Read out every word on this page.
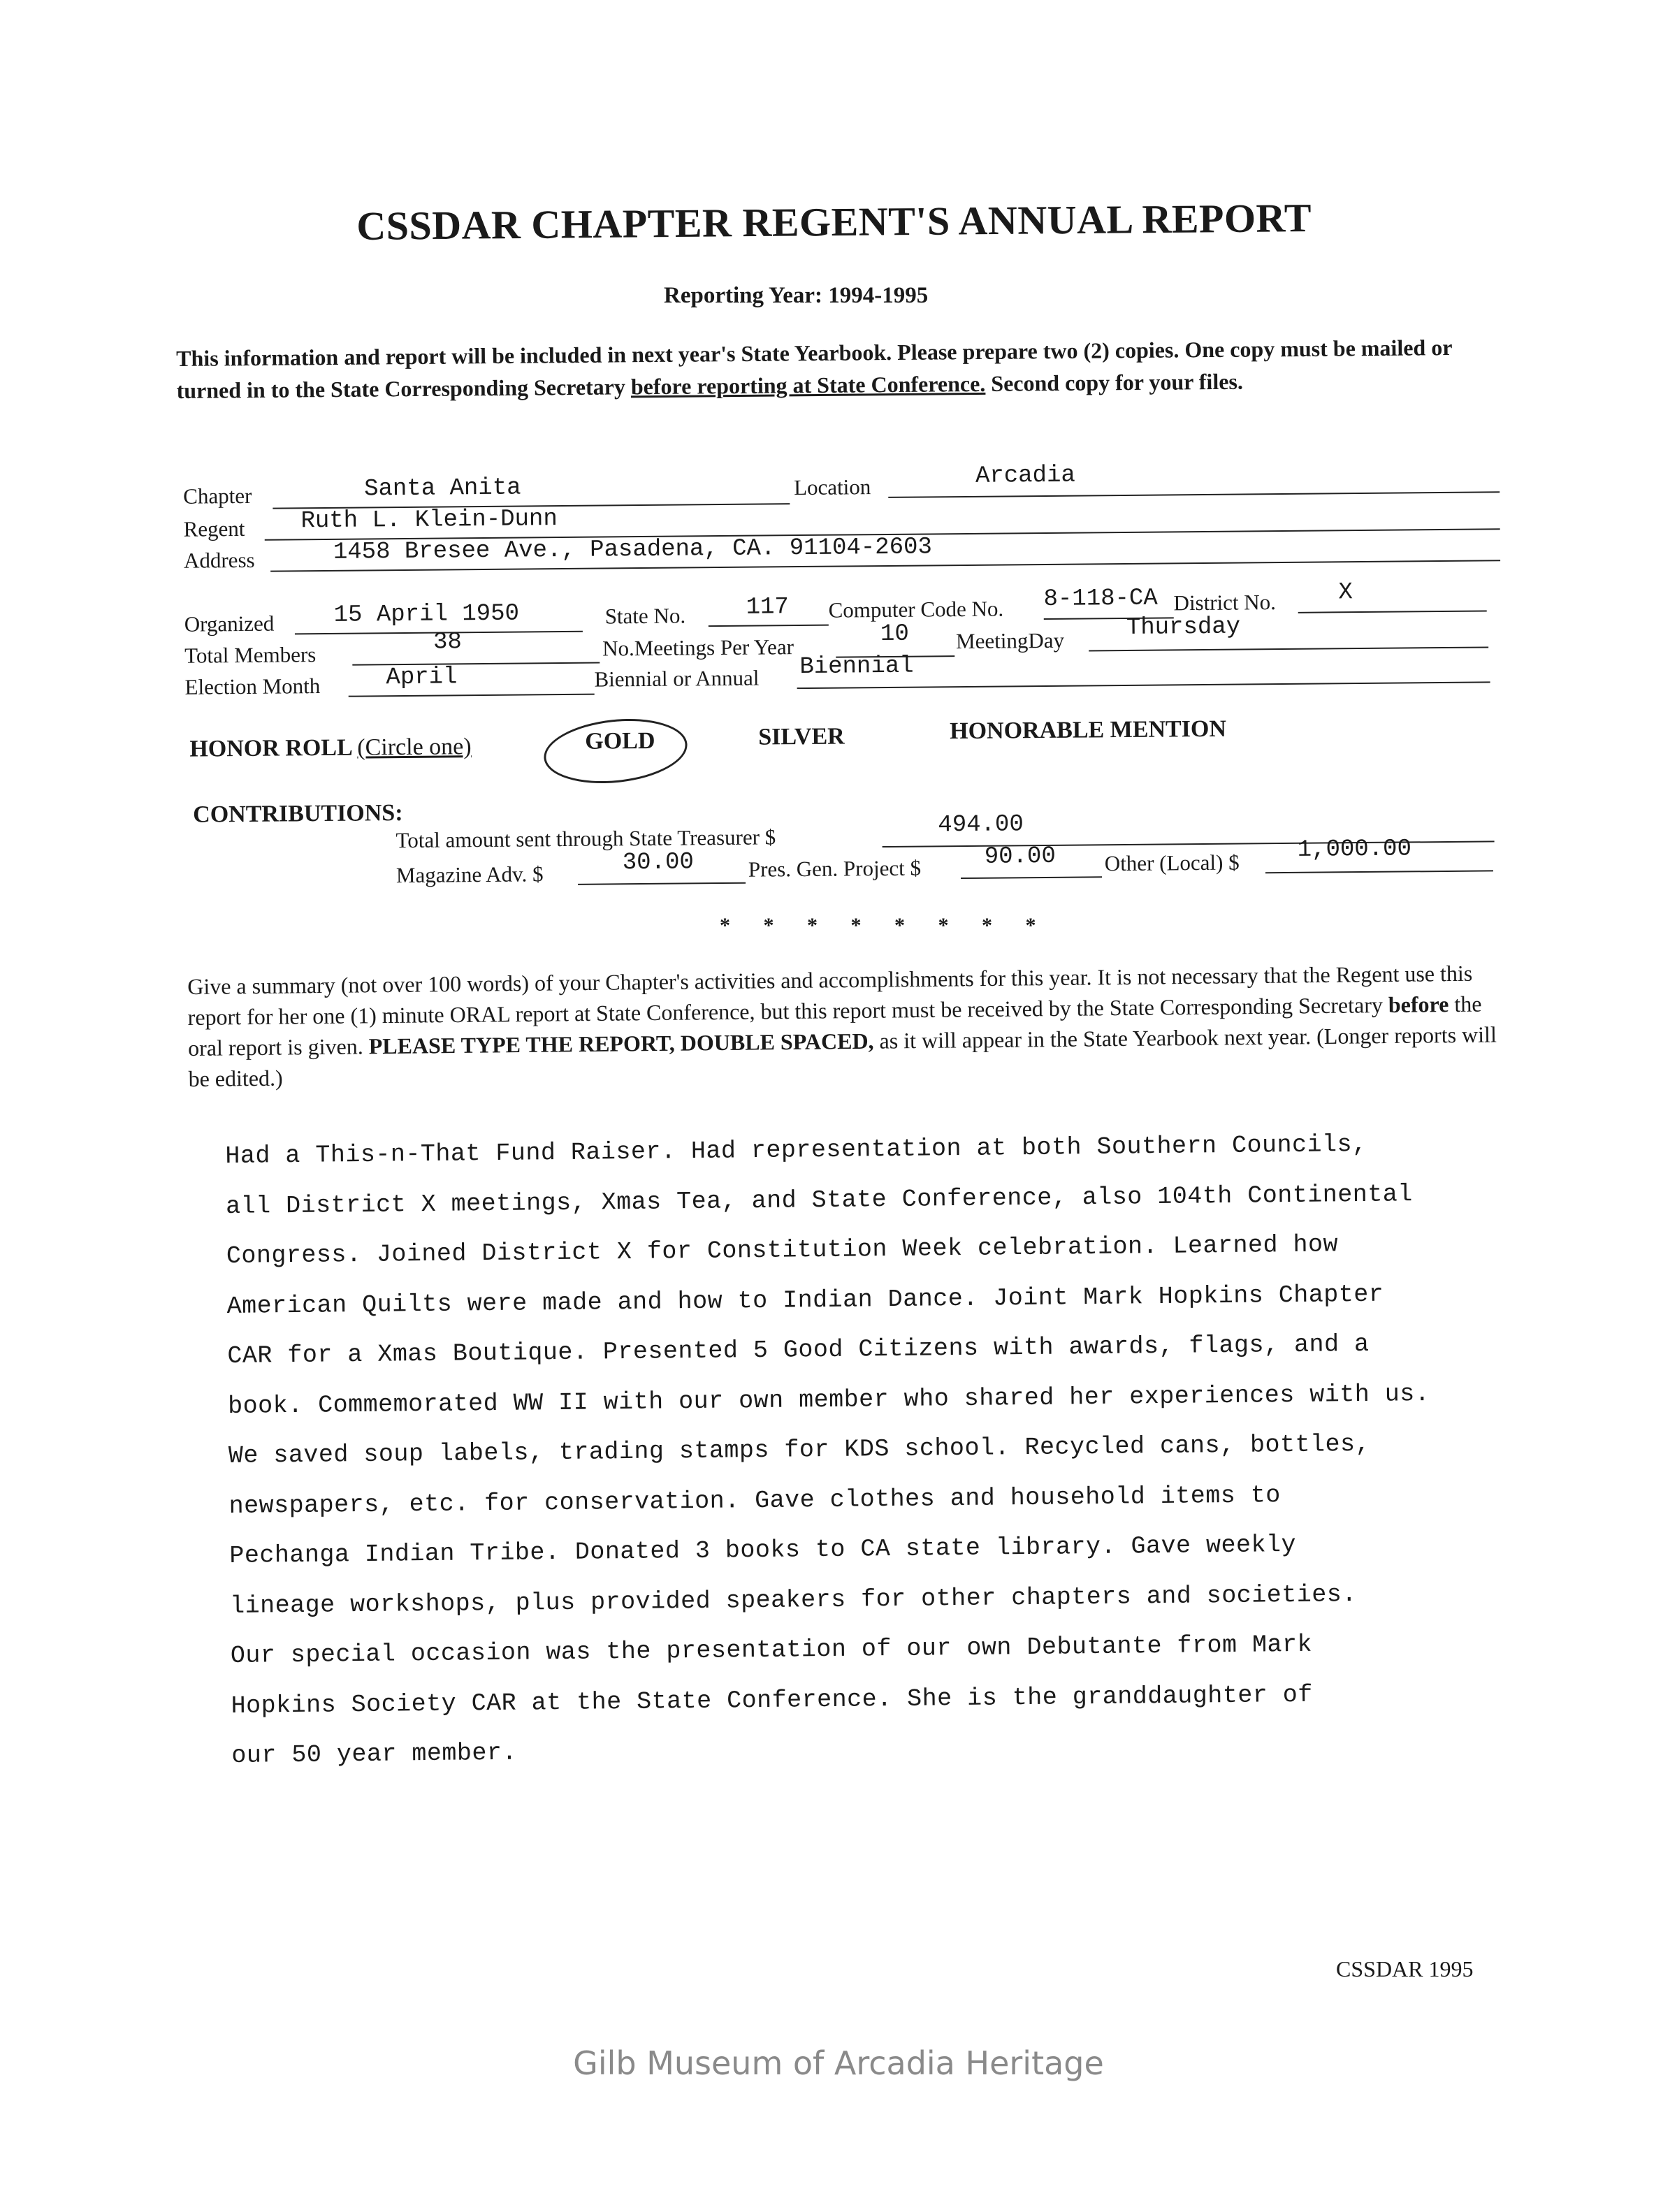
CSSDAR CHAPTER REGENT'S ANNUAL REPORT
Reporting Year: 1994-1995
This information and report will be included in next year's State Yearbook. Please prepare two (2) copies. One copy must be mailed or turned in to the State Corresponding Secretary before reporting at State Conference. Second copy for your files.
Chapter	Santa Anita	Location	Arcadia
Regent Ruth L. Klein-Dunn
Address	1458 Bresee Ave., Pasadena, CA. 91104-2603
Organized	15 April 1950	State No.	117 Computer Code No. 8-118-CA District No.	X
Total Members	38	No.Meetings Per Year	10 MeetingDay	Thursday
Election Month	April	Biennial or Annual Biennial
HONOR ROLL (Circle one)	GOLD	SILVER	HONORABLE MENTION
CONTRIBUTIONS:
Total amount sent through State Treasurer $	494.00
Magazine Adv. $	30.00	Pres. Gen. Project $	90.00 Other (Local) $ 1,000.00
* * * * * * * *
Give a summary (not over 100 words) of your Chapter's activities and accomplishments for this year. It is not necessary that the Regent use this report for her one (1) minute ORAL report at State Conference, but this report must be received by the State Corresponding Secretary before the oral report is given. PLEASE TYPE THE REPORT, DOUBLE SPACED, as it will appear in the State Yearbook next year. (Longer reports will be edited.)
Had a This-n-That Fund Raiser. Had representation at both Southern Councils,
all District X meetings, Xmas Tea, and State Conference, also 104th Continental
Congress. Joined District X for Constitution Week celebration. Learned how
American Quilts were made and how to Indian Dance. Joint Mark Hopkins Chapter
CAR for a Xmas Boutique. Presented 5 Good Citizens with awards, flags, and a
book. Commemorated WW II with our own member who shared her experiences with us.
We saved soup labels, trading stamps for KDS school. Recycled cans, bottles,
newspapers, etc. for conservation. Gave clothes and household items to
Pechanga Indian Tribe. Donated 3 books to CA state library. Gave weekly
lineage workshops, plus provided speakers for other chapters and societies.
Our special occasion was the presentation of our own Debutante from Mark
Hopkins Society CAR at the State Conference. She is the granddaughter of
our 50 year member.
CSSDAR 1995
Gilb Museum of Arcadia Heritage
